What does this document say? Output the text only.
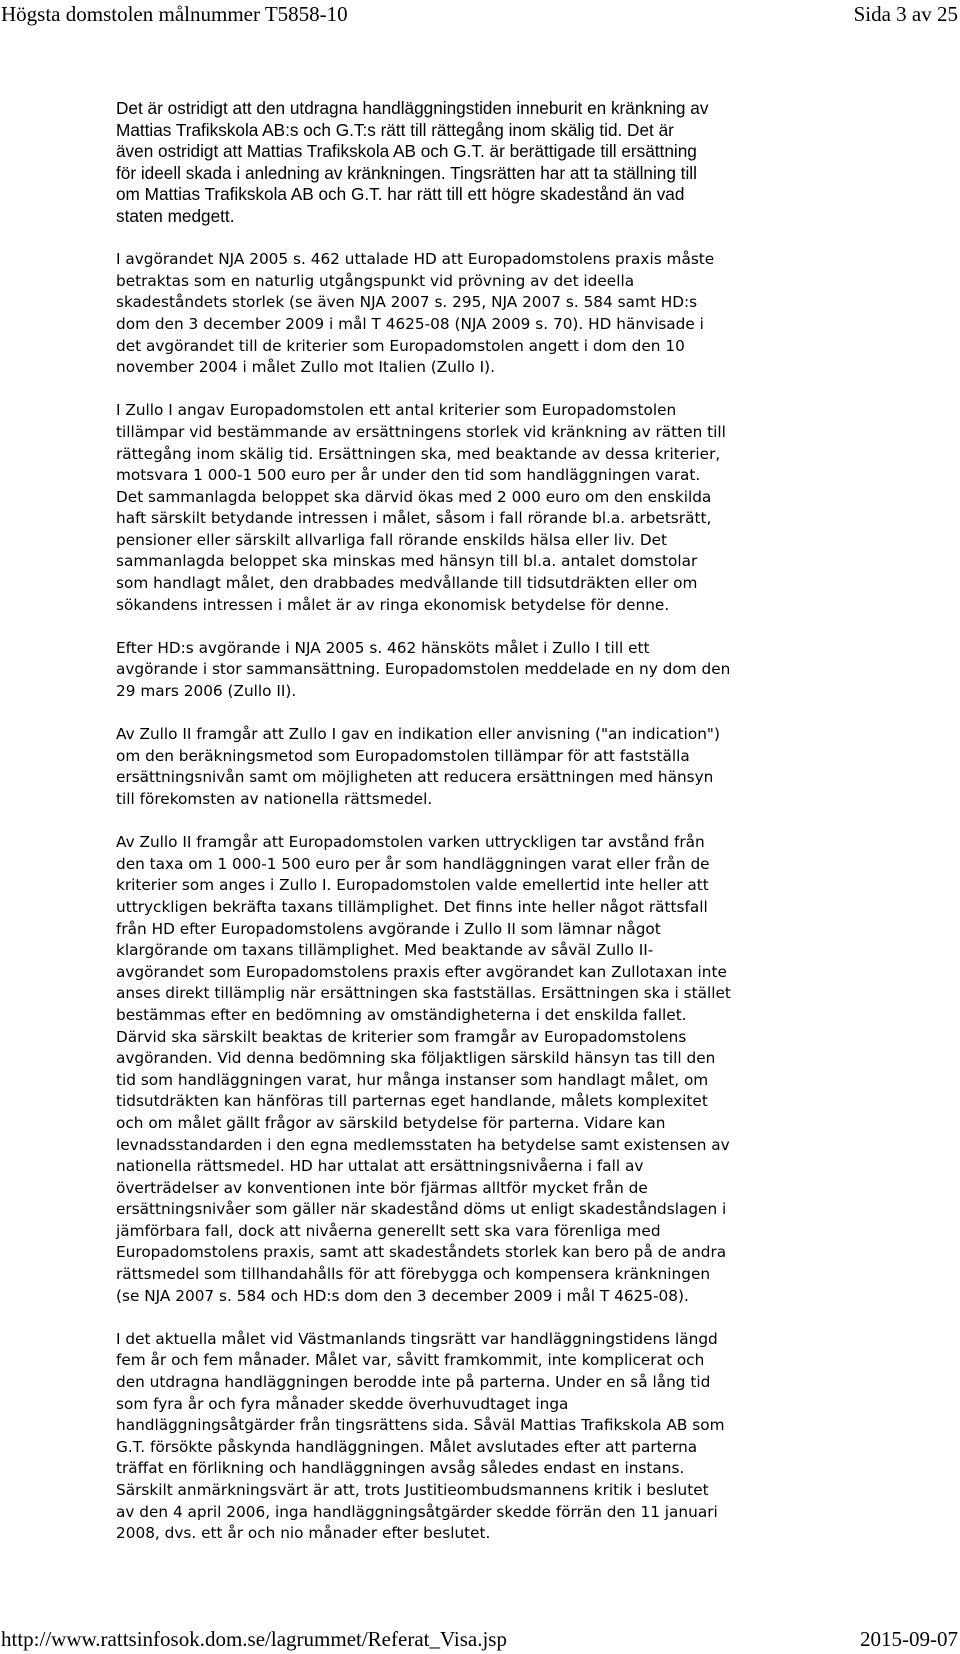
Högsta domstolen målnummer T5858-10	Sida 3 av 25

Det är ostridigt att den utdragna handläggningstiden inneburit en kränkning av
Mattias Trafikskola AB:s och G.T:s rätt till rättegång inom skälig tid. Det är
även ostridigt att Mattias Trafikskola AB och G.T. är berättigade till ersättning
för ideell skada i anledning av kränkningen. Tingsrätten har att ta ställning till
om Mattias Trafikskola AB och G.T. har rätt till ett högre skadestånd än vad
staten medgett.

I avgörandet NJA 2005 s. 462 uttalade HD att Europadomstolens praxis måste
betraktas som en naturlig utgångspunkt vid prövning av det ideella
skadeståndets storlek (se även NJA 2007 s. 295, NJA 2007 s. 584 samt HD:s
dom den 3 december 2009 i mål T 4625-08 (NJA 2009 s. 70). HD hänvisade i
det avgörandet till de kriterier som Europadomstolen angett i dom den 10
november 2004 i målet Zullo mot Italien (Zullo I).

I Zullo I angav Europadomstolen ett antal kriterier som Europadomstolen
tillämpar vid bestämmande av ersättningens storlek vid kränkning av rätten till
rättegång inom skälig tid. Ersättningen ska, med beaktande av dessa kriterier,
motsvara 1 000-1 500 euro per år under den tid som handläggningen varat.
Det sammanlagda beloppet ska därvid ökas med 2 000 euro om den enskilda
haft särskilt betydande intressen i målet, såsom i fall rörande bl.a. arbetsrätt,
pensioner eller särskilt allvarliga fall rörande enskilds hälsa eller liv. Det
sammanlagda beloppet ska minskas med hänsyn till bl.a. antalet domstolar
som handlagt målet, den drabbades medvållande till tidsutdräkten eller om
sökandens intressen i målet är av ringa ekonomisk betydelse för denne.

Efter HD:s avgörande i NJA 2005 s. 462 hänsköts målet i Zullo I till ett
avgörande i stor sammansättning. Europadomstolen meddelade en ny dom den
29 mars 2006 (Zullo II).

Av Zullo II framgår att Zullo I gav en indikation eller anvisning ("an indication")
om den beräkningsmetod som Europadomstolen tillämpar för att fastställa
ersättningsnivån samt om möjligheten att reducera ersättningen med hänsyn
till förekomsten av nationella rättsmedel.

Av Zullo II framgår att Europadomstolen varken uttryckligen tar avstånd från
den taxa om 1 000-1 500 euro per år som handläggningen varat eller från de
kriterier som anges i Zullo I. Europadomstolen valde emellertid inte heller att
uttryckligen bekräfta taxans tillämplighet. Det finns inte heller något rättsfall
från HD efter Europadomstolens avgörande i Zullo II som lämnar något
klargörande om taxans tillämplighet. Med beaktande av såväl Zullo II-
avgörandet som Europadomstolens praxis efter avgörandet kan Zullotaxan inte
anses direkt tillämplig när ersättningen ska fastställas. Ersättningen ska i stället
bestämmas efter en bedömning av omständigheterna i det enskilda fallet.
Därvid ska särskilt beaktas de kriterier som framgår av Europadomstolens
avgöranden. Vid denna bedömning ska följaktligen särskild hänsyn tas till den
tid som handläggningen varat, hur många instanser som handlagt målet, om
tidsutdräkten kan hänföras till parternas eget handlande, målets komplexitet
och om målet gällt frågor av särskild betydelse för parterna. Vidare kan
levnadsstandarden i den egna medlemsstaten ha betydelse samt existensen av
nationella rättsmedel. HD har uttalat att ersättningsnivåerna i fall av
överträdelser av konventionen inte bör fjärmas alltför mycket från de
ersättningsnivåer som gäller när skadestånd döms ut enligt skadeståndslagen i
jämförbara fall, dock att nivåerna generellt sett ska vara förenliga med
Europadomstolens praxis, samt att skadeståndets storlek kan bero på de andra
rättsmedel som tillhandahålls för att förebygga och kompensera kränkningen
(se NJA 2007 s. 584 och HD:s dom den 3 december 2009 i mål T 4625-08).

I det aktuella målet vid Västmanlands tingsrätt var handläggningstidens längd
fem år och fem månader. Målet var, såvitt framkommit, inte komplicerat och
den utdragna handläggningen berodde inte på parterna. Under en så lång tid
som fyra år och fyra månader skedde överhuvudtaget inga
handläggningsåtgärder från tingsrättens sida. Såväl Mattias Trafikskola AB som
G.T. försökte påskynda handläggningen. Målet avslutades efter att parterna
träffat en förlikning och handläggningen avsåg således endast en instans.
Särskilt anmärkningsvärt är att, trots Justitieombudsmannens kritik i beslutet
av den 4 april 2006, inga handläggningsåtgärder skedde förrän den 11 januari
2008, dvs. ett år och nio månader efter beslutet.

http://www.rattsinfosok.dom.se/lagrummet/Referat_Visa.jsp	2015-09-07
